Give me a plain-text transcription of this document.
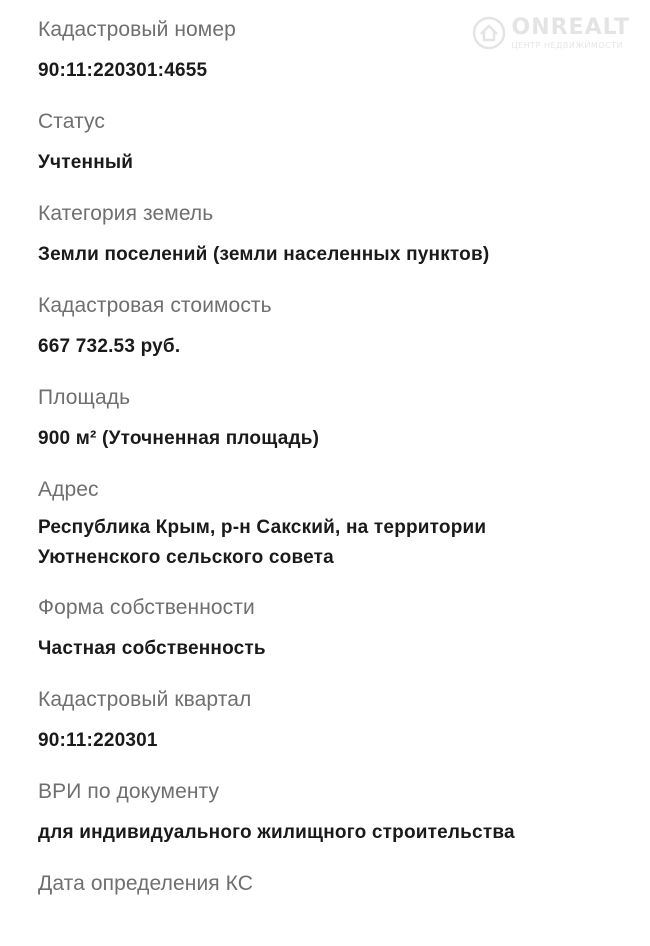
ONREALT
ЦЕНТР НЕДВИЖИМОСТИ
Кадастровый номер
90:11:220301:4655
Статус
Учтенный
Категория земель
Земли поселений (земли населенных пунктов)
Кадастровая стоимость
667 732.53 руб.
Площадь
900 м² (Уточненная площадь)
Адрес
Республика Крым, р-н Сакский, на территории
Уютненского сельского совета
Форма собственности
Частная собственность
Кадастровый квартал
90:11:220301
ВРИ по документу
для индивидуального жилищного строительства
Дата определения КС
